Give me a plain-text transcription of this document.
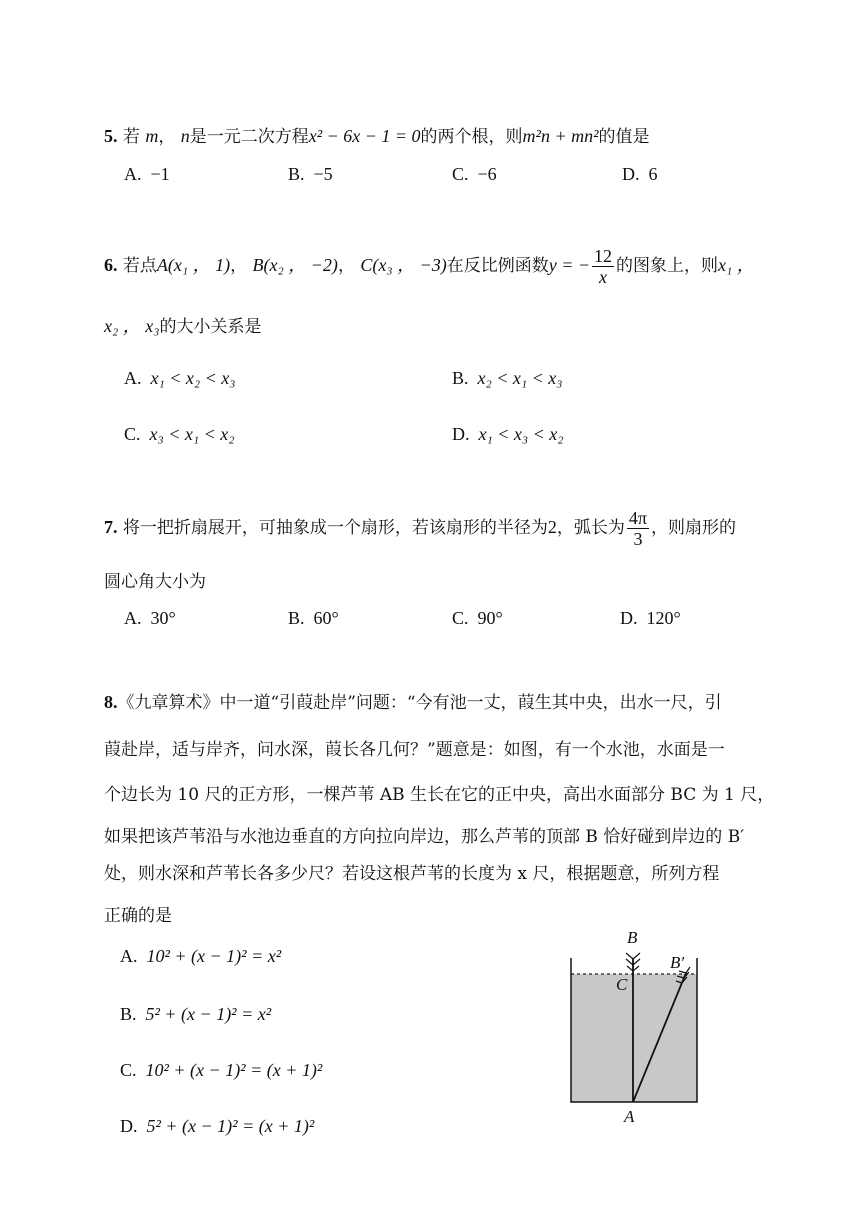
5. 若 m， n是一元二次方程x² − 6x − 1 = 0的两个根，则m²n + mn²的值是
A. −1	B. −5	C. −6	D. 6
6. 若点A(x₁ ， 1)， B(x₂ ， −2)， C(x₃ ， −3)在反比例函数y = − $\frac{12}{x}$ 的图象上，则x₁ ，
x₂ ， x₃的大小关系是
A. x₁ < x₂ < x₃	B. x₂ < x₁ < x₃
C. x₃ < x₁ < x₂	D. x₁ < x₃ < x₂
7. 将一把折扇展开，可抽象成一个扇形，若该扇形的半径为2，弧长为 $\frac{4\pi}{3}$ ，则扇形的
圆心角大小为
A. 30°	B. 60°	C. 90°	D. 120°
8.《九章算术》中一道“引葭赴岸”问题：“今有池一丈，葭生其中央，出水一尺，引
葭赴岸，适与岸齐，问水深，葭长各几何？”题意是：如图，有一个水池，水面是一
个边长为 10 尺的正方形，一棵芦苇 AB 生长在它的正中央，高出水面部分 BC 为 1 尺，
如果把该芦苇沿与水池边垂直的方向拉向岸边，那么芦苇的顶部 B 恰好碰到岸边的 B′
处，则水深和芦苇长各多少尺？若设这根芦苇的长度为 x 尺，根据题意，所列方程
正确的是
A. 10² + (x − 1)² = x²
B. 5² + (x − 1)² = x²
C. 10² + (x − 1)² = (x + 1)²
D. 5² + (x − 1)² = (x + 1)²
B
B′
C
A
